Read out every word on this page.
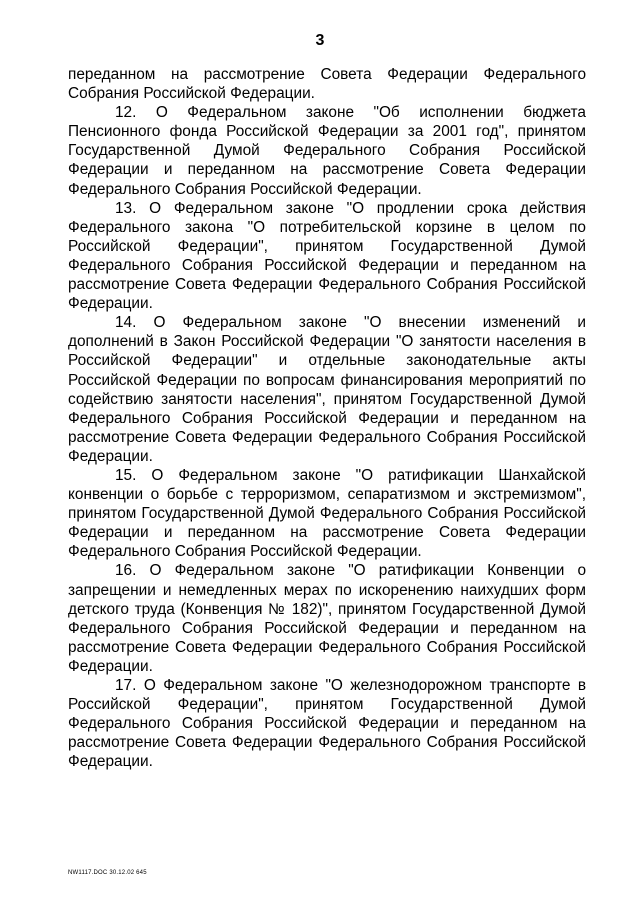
3

переданном на рассмотрение Совета Федерации Федерального Собрания Российской Федерации.

12. О Федеральном законе "Об исполнении бюджета Пенсионного фонда Российской Федерации за 2001 год", принятом Государственной Думой Федерального Собрания Российской Федерации и переданном на рассмотрение Совета Федерации Федерального Собрания Российской Федерации.

13. О Федеральном законе "О продлении срока действия Федерального закона "О потребительской корзине в целом по Российской Федерации", принятом Государственной Думой Федерального Собрания Российской Федерации и переданном на рассмотрение Совета Федерации Федерального Собрания Российской Федерации.

14. О Федеральном законе "О внесении изменений и дополнений в Закон Российской Федерации "О занятости населения в Российской Федерации" и отдельные законодательные акты Российской Федерации по вопросам финансирования мероприятий по содействию занятости населения", принятом Государственной Думой Федерального Собрания Российской Федерации и переданном на рассмотрение Совета Федерации Федерального Собрания Российской Федерации.

15. О Федеральном законе "О ратификации Шанхайской конвенции о борьбе с терроризмом, сепаратизмом и экстремизмом", принятом Государственной Думой Федерального Собрания Российской Федерации и переданном на рассмотрение Совета Федерации Федерального Собрания Российской Федерации.

16. О Федеральном законе "О ратификации Конвенции о запрещении и немедленных мерах по искоренению наихудших форм детского труда (Конвенция № 182)", принятом Государственной Думой Федерального Собрания Российской Федерации и переданном на рассмотрение Совета Федерации Федерального Собрания Российской Федерации.

17. О Федеральном законе "О железнодорожном транспорте в Российской Федерации", принятом Государственной Думой Федерального Собрания Российской Федерации и переданном на рассмотрение Совета Федерации Федерального Собрания Российской Федерации.

NW1117.DOC 30.12.02 645
